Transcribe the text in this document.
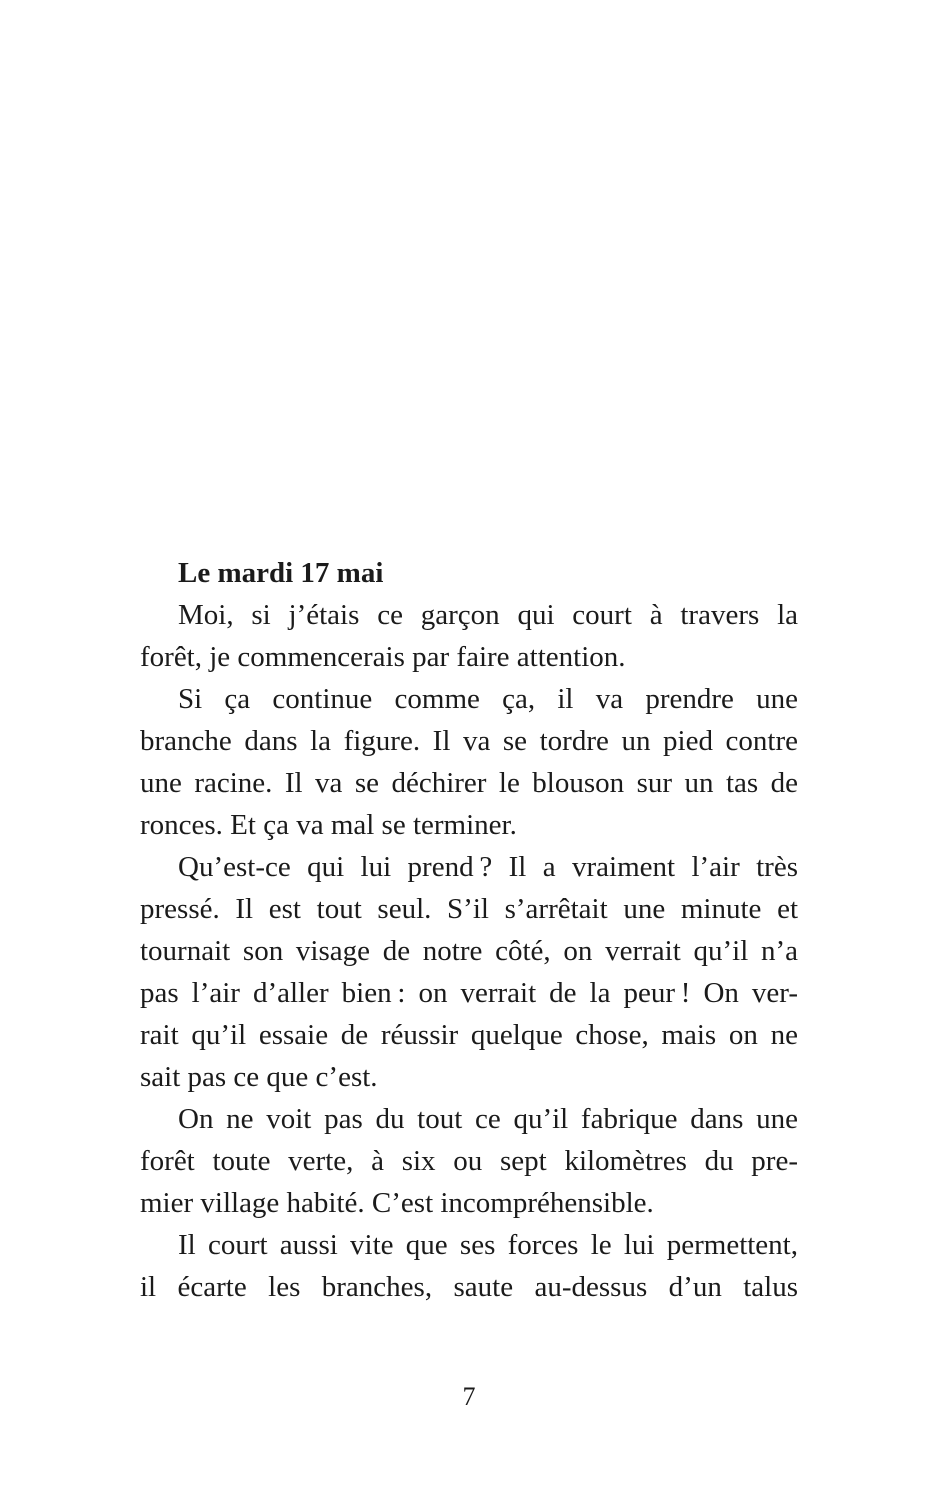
Le mardi 17 mai

Moi, si j’étais ce garçon qui court à travers la
forêt, je commencerais par faire attention.

Si ça continue comme ça, il va prendre une
branche dans la figure. Il va se tordre un pied contre
une racine. Il va se déchirer le blouson sur un tas de
ronces. Et ça va mal se terminer.

Qu’est-ce qui lui prend ? Il a vraiment l’air très
pressé. Il est tout seul. S’il s’arrêtait une minute et
tournait son visage de notre côté, on verrait qu’il n’a
pas l’air d’aller bien : on verrait de la peur ! On ver-
rait qu’il essaie de réussir quelque chose, mais on ne
sait pas ce que c’est.

On ne voit pas du tout ce qu’il fabrique dans une
forêt toute verte, à six ou sept kilomètres du pre-
mier village habité. C’est incompréhensible.

Il court aussi vite que ses forces le lui permettent,
il écarte les branches, saute au-dessus d’un talus

7
